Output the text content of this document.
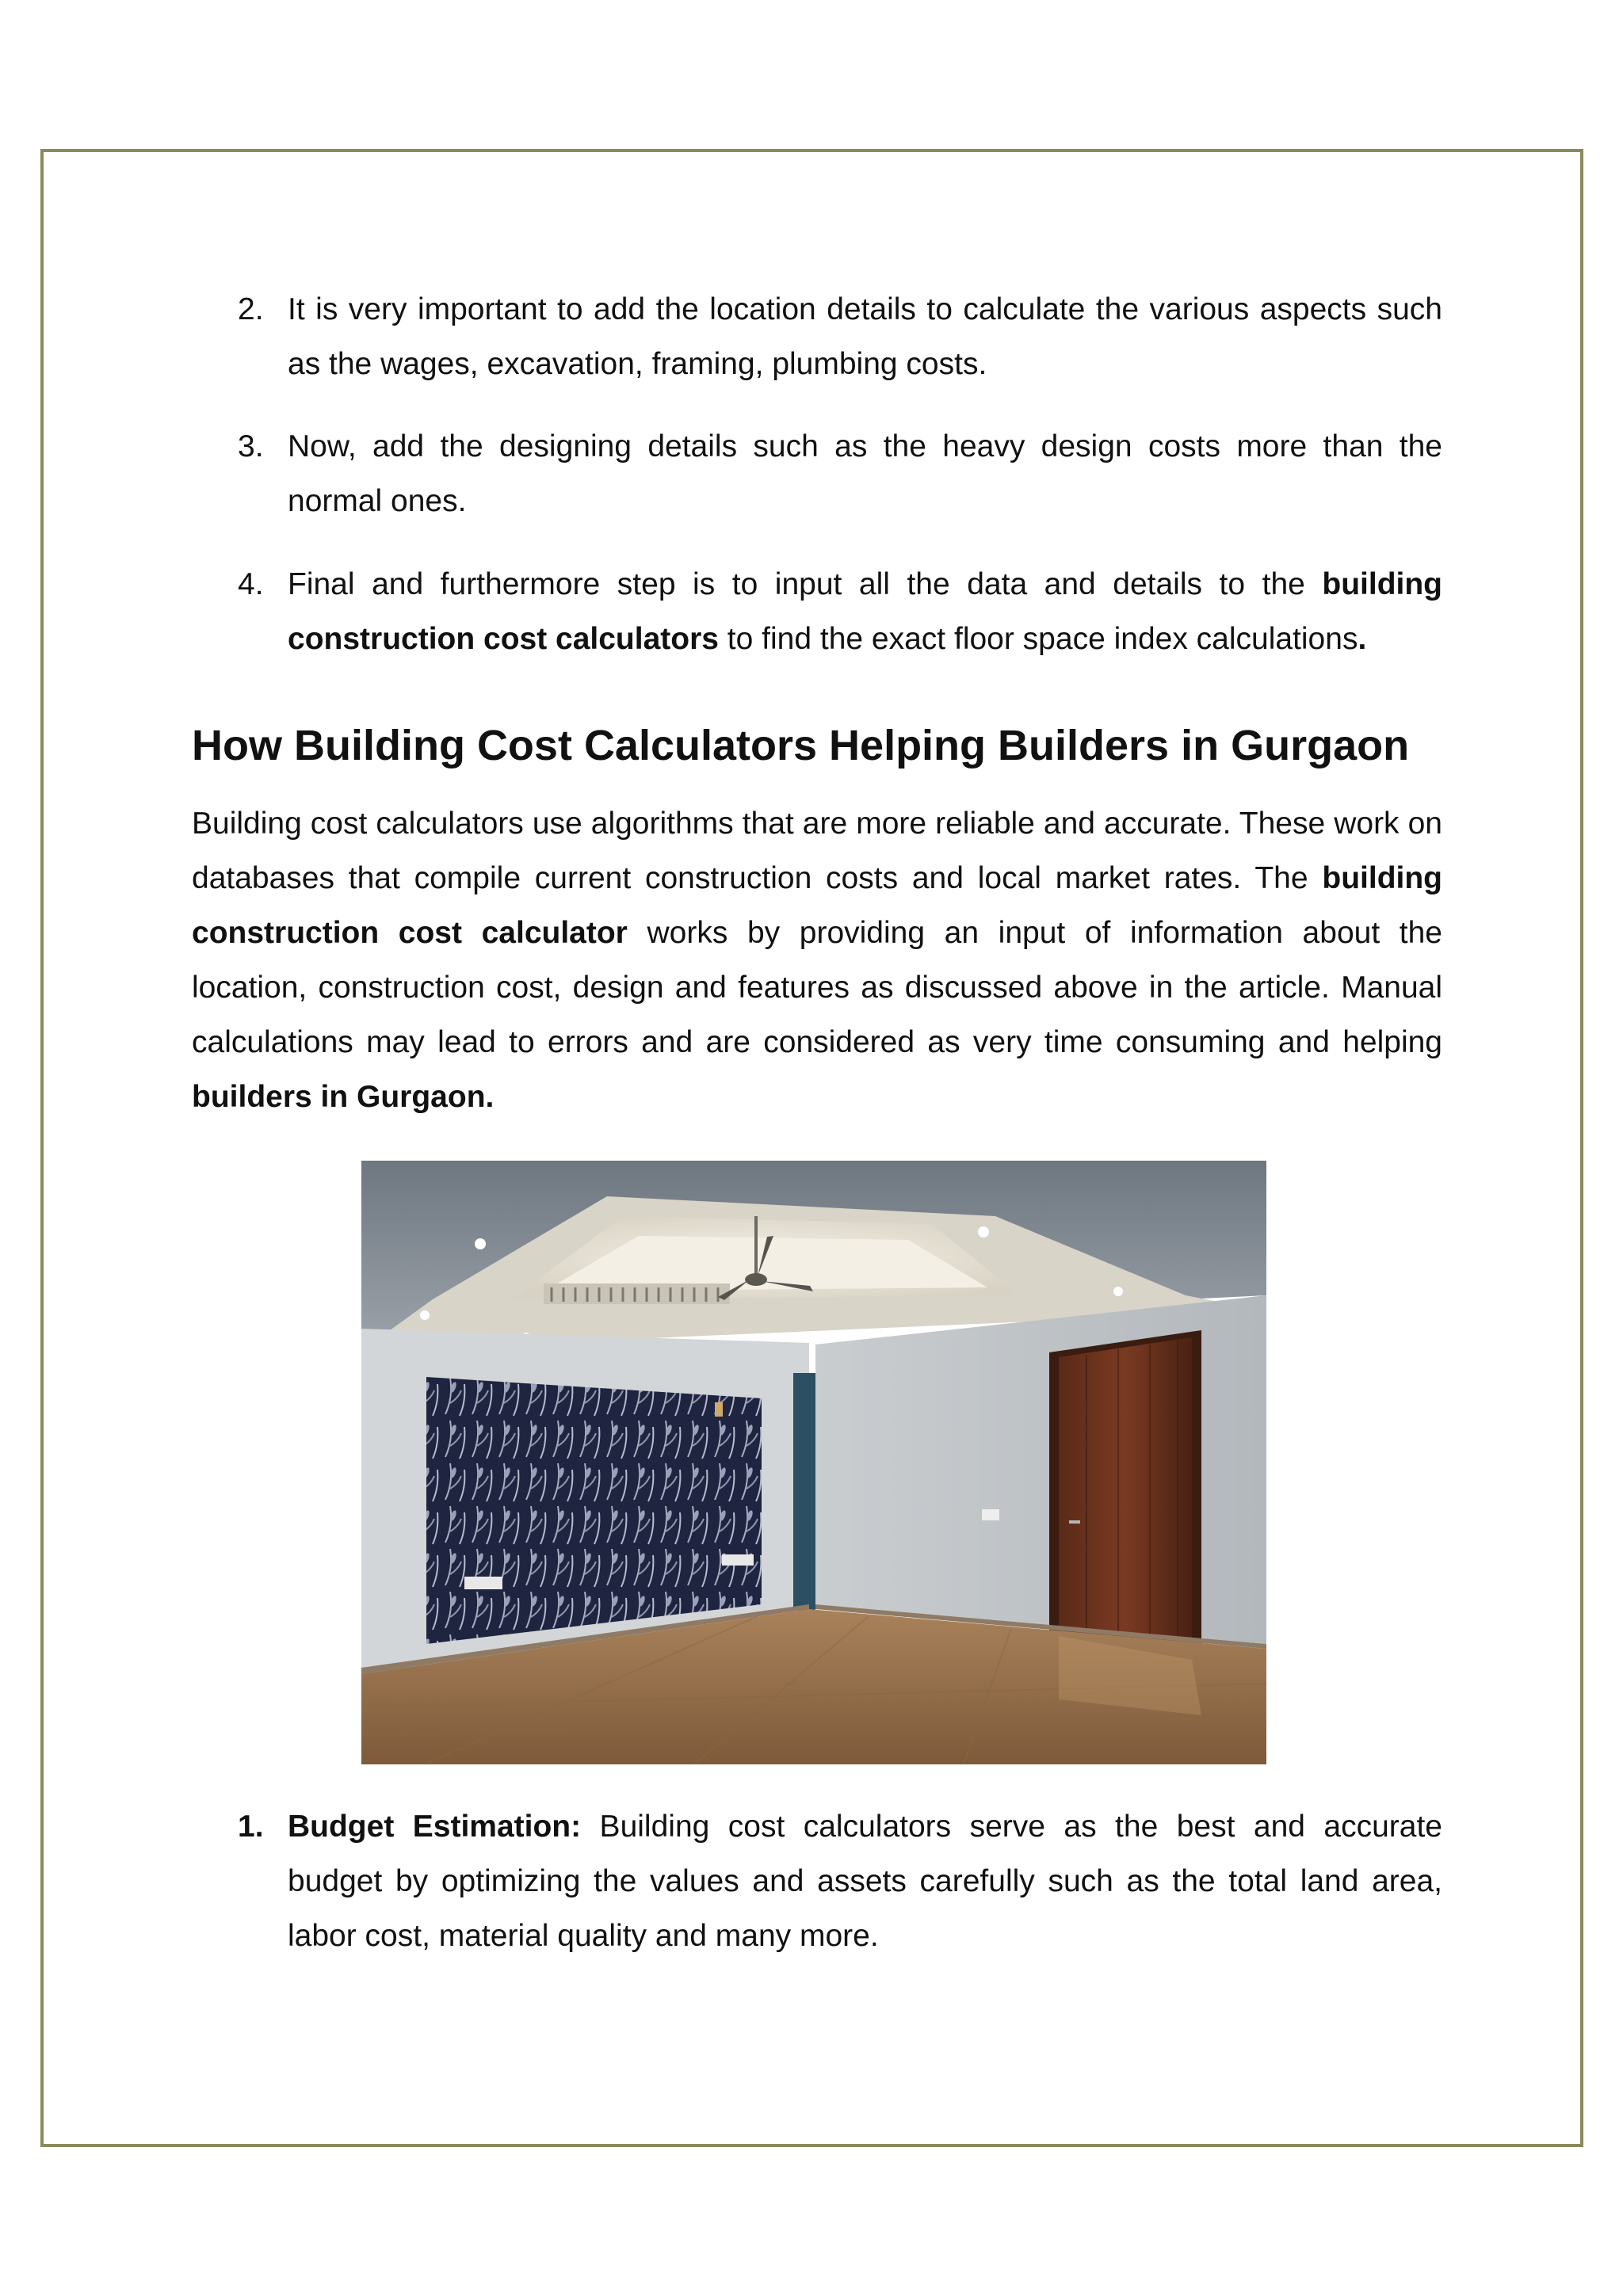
2. It is very important to add the location details to calculate the various aspects such as the wages, excavation, framing, plumbing costs.
3. Now, add the designing details such as the heavy design costs more than the normal ones.
4. Final and furthermore step is to input all the data and details to the building construction cost calculators to find the exact floor space index calculations.
How Building Cost Calculators Helping Builders in Gurgaon

Building cost calculators use algorithms that are more reliable and accurate. These work on databases that compile current construction costs and local market rates. The building construction cost calculator works by providing an input of information about the location, construction cost, design and features as discussed above in the article. Manual calculations may lead to errors and are considered as very time consuming and helping builders in Gurgaon.

1. Budget Estimation: Building cost calculators serve as the best and accurate budget by optimizing the values and assets carefully such as the total land area, labor cost, material quality and many more.
